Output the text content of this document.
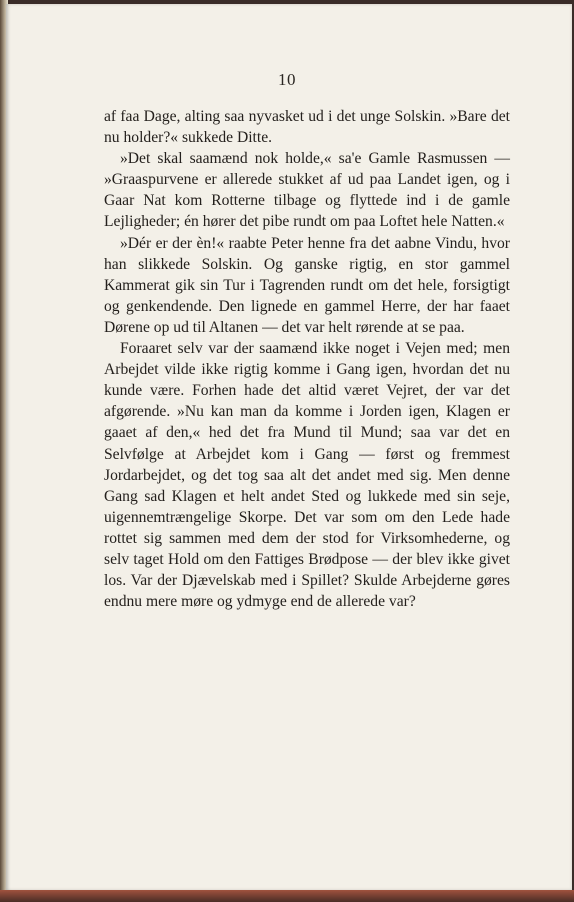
10

af faa Dage, alting saa nyvasket ud i det unge Solskin. »Bare det nu holder?« sukkede Ditte.

»Det skal saamænd nok holde,« sa'e Gamle Rasmussen — »Graaspurvene er allerede stukket af ud paa Landet igen, og i Gaar Nat kom Rotterne tilbage og flyttede ind i de gamle Lejligheder; én hører det pibe rundt om paa Loftet hele Natten.«

»Dér er der èn!« raabte Peter henne fra det aabne Vindu, hvor han slikkede Solskin. Og ganske rigtig, en stor gammel Kammerat gik sin Tur i Tagrenden rundt om det hele, forsigtigt og genkendende. Den lignede en gammel Herre, der har faaet Dørene op ud til Altanen — det var helt rørende at se paa.

Foraaret selv var der saamænd ikke noget i Vejen med; men Arbejdet vilde ikke rigtig komme i Gang igen, hvordan det nu kunde være. Forhen hade det altid været Vejret, der var det afgørende. »Nu kan man da komme i Jorden igen, Klagen er gaaet af den,« hed det fra Mund til Mund; saa var det en Selvfølge at Arbejdet kom i Gang — først og fremmest Jordarbejdet, og det tog saa alt det andet med sig. Men denne Gang sad Klagen et helt andet Sted og lukkede med sin seje, uigennemtrængelige Skorpe. Det var som om den Lede hade rottet sig sammen med dem der stod for Virksomhederne, og selv taget Hold om den Fattiges Brødpose — der blev ikke givet los. Var der Djævelskab med i Spillet? Skulde Arbejderne gøres endnu mere møre og ydmyge end de allerede var?
